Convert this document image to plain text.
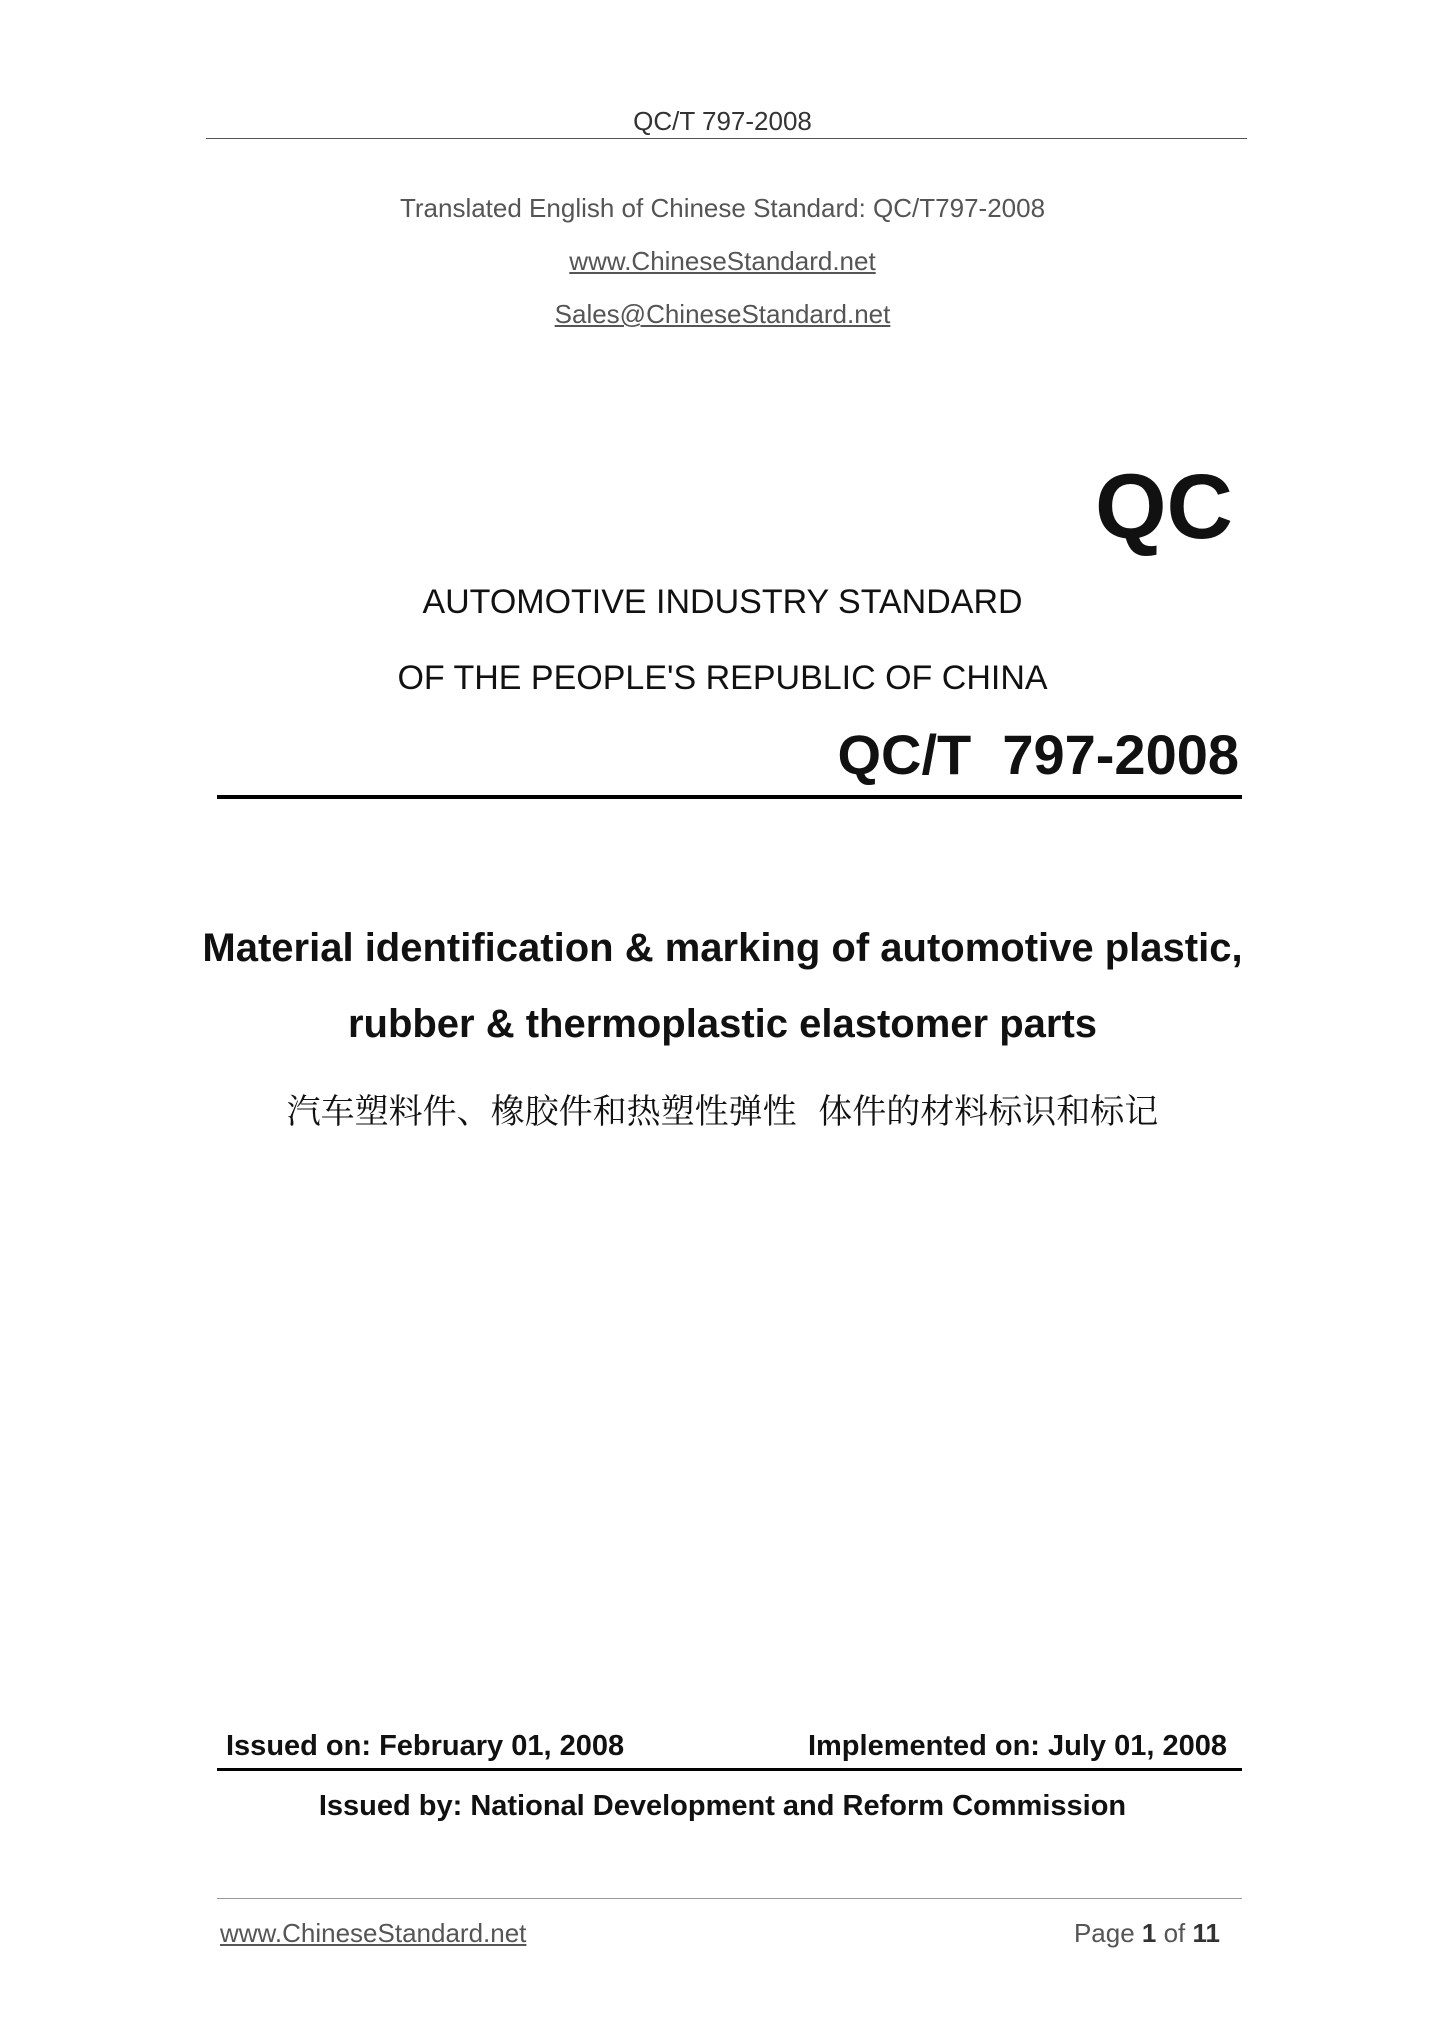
QC/T 797-2008
Translated English of Chinese Standard: QC/T797-2008
www.ChineseStandard.net
Sales@ChineseStandard.net
QC
AUTOMOTIVE INDUSTRY STANDARD
OF THE PEOPLE'S REPUBLIC OF CHINA
QC/T  797-2008
Material identification & marking of automotive plastic,
rubber & thermoplastic elastomer parts
汽车塑料件、橡胶件和热塑性弹性  体件的材料标识和标记
Issued on: February 01, 2008	Implemented on: July 01, 2008
Issued by: National Development and Reform Commission
www.ChineseStandard.net	Page 1 of 11
